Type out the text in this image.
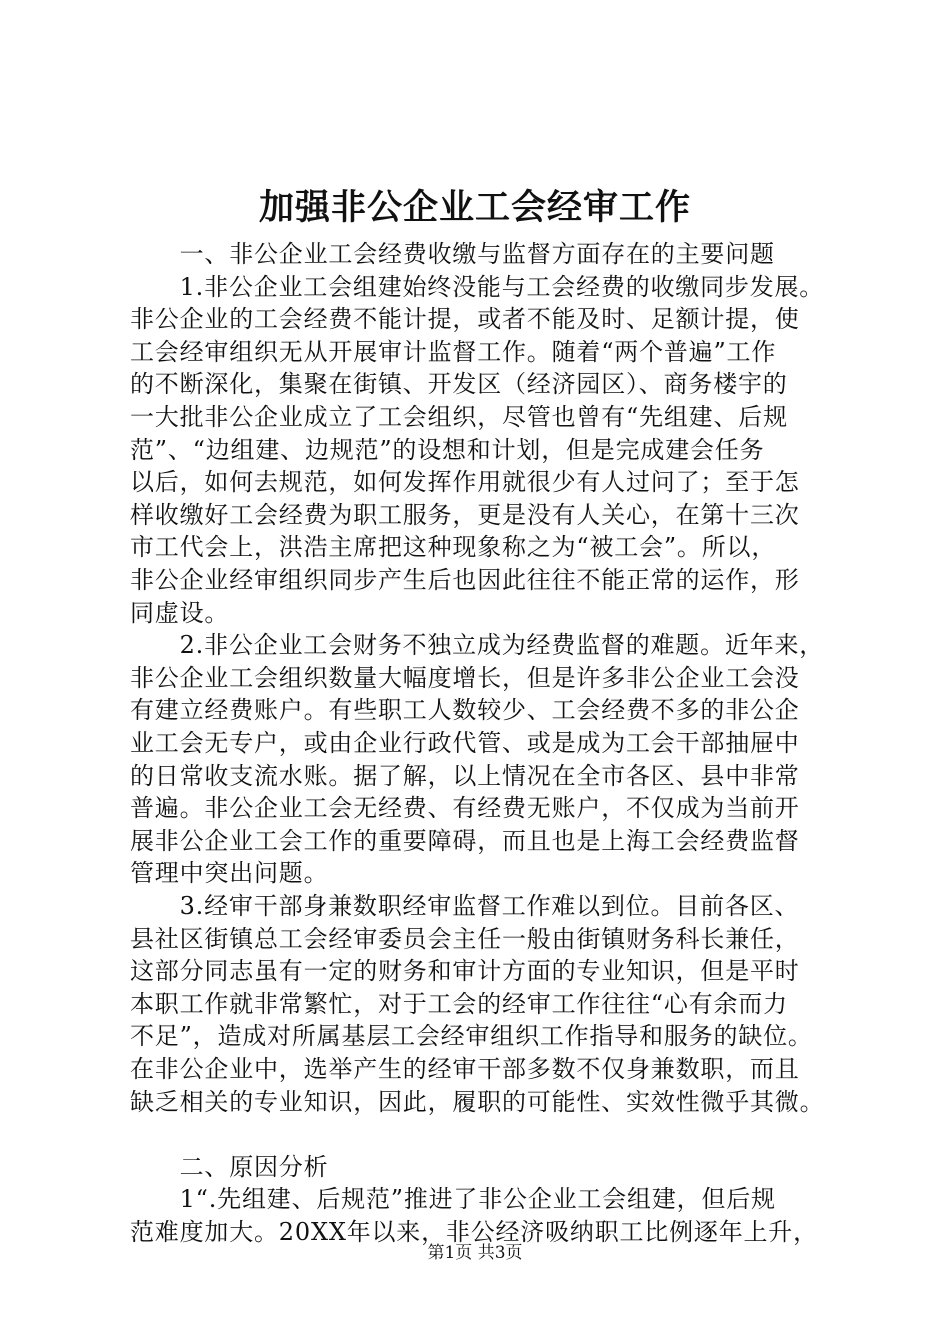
加强非公企业工会经审工作
　　一、非公企业工会经费收缴与监督方面存在的主要问题
　　1.非公企业工会组建始终没能与工会经费的收缴同步发展。
非公企业的工会经费不能计提，或者不能及时、足额计提，使
工会经审组织无从开展审计监督工作。随着“两个普遍”工作
的不断深化，集聚在街镇、开发区（经济园区）、商务楼宇的
一大批非公企业成立了工会组织，尽管也曾有“先组建、后规
范”、“边组建、边规范”的设想和计划，但是完成建会任务
以后，如何去规范，如何发挥作用就很少有人过问了；至于怎
样收缴好工会经费为职工服务，更是没有人关心，在第十三次
市工代会上，洪浩主席把这种现象称之为“被工会”。所以，
非公企业经审组织同步产生后也因此往往不能正常的运作，形
同虚设。
　　2.非公企业工会财务不独立成为经费监督的难题。近年来，
非公企业工会组织数量大幅度增长，但是许多非公企业工会没
有建立经费账户。有些职工人数较少、工会经费不多的非公企
业工会无专户，或由企业行政代管、或是成为工会干部抽屉中
的日常收支流水账。据了解，以上情况在全市各区、县中非常
普遍。非公企业工会无经费、有经费无账户，不仅成为当前开
展非公企业工会工作的重要障碍，而且也是上海工会经费监督
管理中突出问题。
　　3.经审干部身兼数职经审监督工作难以到位。目前各区、
县社区街镇总工会经审委员会主任一般由街镇财务科长兼任，
这部分同志虽有一定的财务和审计方面的专业知识，但是平时
本职工作就非常繁忙，对于工会的经审工作往往“心有余而力
不足”，造成对所属基层工会经审组织工作指导和服务的缺位。
在非公企业中，选举产生的经审干部多数不仅身兼数职，而且
缺乏相关的专业知识，因此，履职的可能性、实效性微乎其微。
　　二、原因分析
　　1“.先组建、后规范”推进了非公企业工会组建，但后规
范难度加大。20XX年以来，非公经济吸纳职工比例逐年上升，
第1页 共3页
